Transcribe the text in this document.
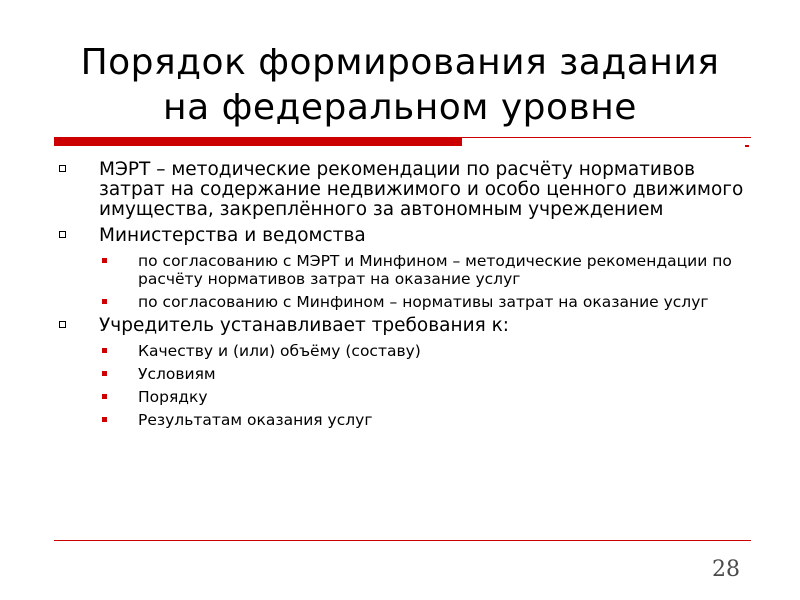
Порядок формирования задания
на федеральном уровне
МЭРТ – методические рекомендации по расчёту нормативов затрат на содержание недвижимого и особо ценного движимого имущества, закреплённого за автономным учреждением
Министерства и ведомства
по согласованию с МЭРТ и Минфином – методические рекомендации по расчёту нормативов затрат на оказание услуг
по согласованию с Минфином – нормативы затрат на оказание услуг
Учредитель устанавливает требования к:
Качеству и (или) объёму (составу)
Условиям
Порядку
Результатам оказания услуг
28
